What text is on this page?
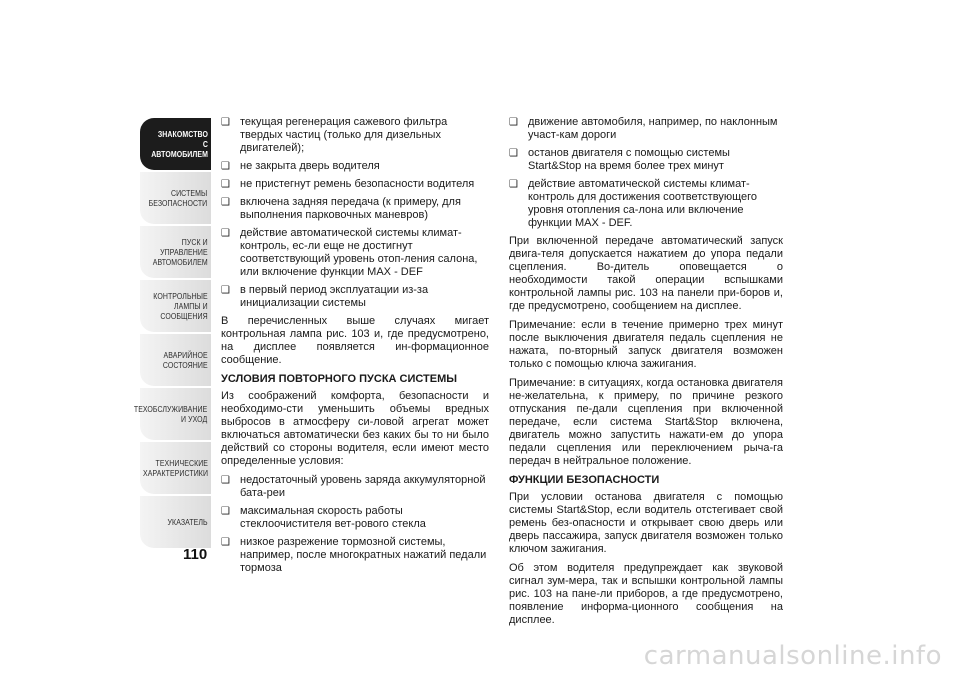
ЗНАКОМСТВО С АВТОМОБИЛЕМ
СИСТЕМЫ БЕЗОПАСНОСТИ
ПУСК И УПРАВЛЕНИЕ АВТОМОБИЛЕМ
КОНТРОЛЬНЫЕ ЛАМПЫ И СООБЩЕНИЯ
АВАРИЙНОЕ СОСТОЯНИЕ
ТЕХОБСЛУЖИВАНИЕ И УХОД
ТЕХНИЧЕСКИЕ ХАРАКТЕРИСТИКИ
УКАЗАТЕЛЬ
110
❑ текущая регенерация сажевого фильтра твердых частиц (только для дизельных двигателей);
❑ не закрыта дверь водителя
❑ не пристегнут ремень безопасности водителя
❑ включена задняя передача (к примеру, для выполнения парковочных маневров)
❑ действие автоматической системы климат-контроль, ес-ли еще не достигнут соответствующий уровень отоп-ления салона, или включение функции MAX - DEF
❑ в первый период эксплуатации из-за инициализации системы

В перечисленных выше случаях мигает контрольная лампа рис. 103 и, где предусмотрено, на дисплее появляется ин-формационное сообщение.

УСЛОВИЯ ПОВТОРНОГО ПУСКА СИСТЕМЫ

Из соображений комфорта, безопасности и необходимо-сти уменьшить объемы вредных выбросов в атмосферу си-ловой агрегат может включаться автоматически без каких бы то ни было действий со стороны водителя, если имеют место определенные условия:

❑ недостаточный уровень заряда аккумуляторной бата-реи
❑ максимальная скорость работы стеклоочистителя вет-рового стекла
❑ низкое разрежение тормозной системы, например, после многократных нажатий педали тормоза
❑ движение автомобиля, например, по наклонным участ-кам дороги
❑ останов двигателя с помощью системы Start&Stop на время более трех минут
❑ действие автоматической системы климат-контроль для достижения соответствующего уровня отопления са-лона или включение функции MAX - DEF.

При включенной передаче автоматический запуск двига-теля допускается нажатием до упора педали сцепления. Во-дитель оповещается о необходимости такой операции вспышками контрольной лампы рис. 103 на панели при-боров и, где предусмотрено, сообщением на дисплее.

Примечание: если в течение примерно трех минут после выключения двигателя педаль сцепления не нажата, по-вторный запуск двигателя возможен только с помощью ключа зажигания.

Примечание: в ситуациях, когда остановка двигателя не-желательна, к примеру, по причине резкого отпускания пе-дали сцепления при включенной передаче, если система Start&Stop включена, двигатель можно запустить нажати-ем до упора педали сцепления или переключением рыча-га передач в нейтральное положение.

ФУНКЦИИ БЕЗОПАСНОСТИ

При условии останова двигателя с помощью системы Start&Stop, если водитель отстегивает свой ремень без-опасности и открывает свою дверь или дверь пассажира, запуск двигателя возможен только ключом зажигания.

Об этом водителя предупреждает как звуковой сигнал зум-мера, так и вспышки контрольной лампы рис. 103 на пане-ли приборов, а где предусмотрено, появление информа-ционного сообщения на дисплее.

carmanualsonline.info
